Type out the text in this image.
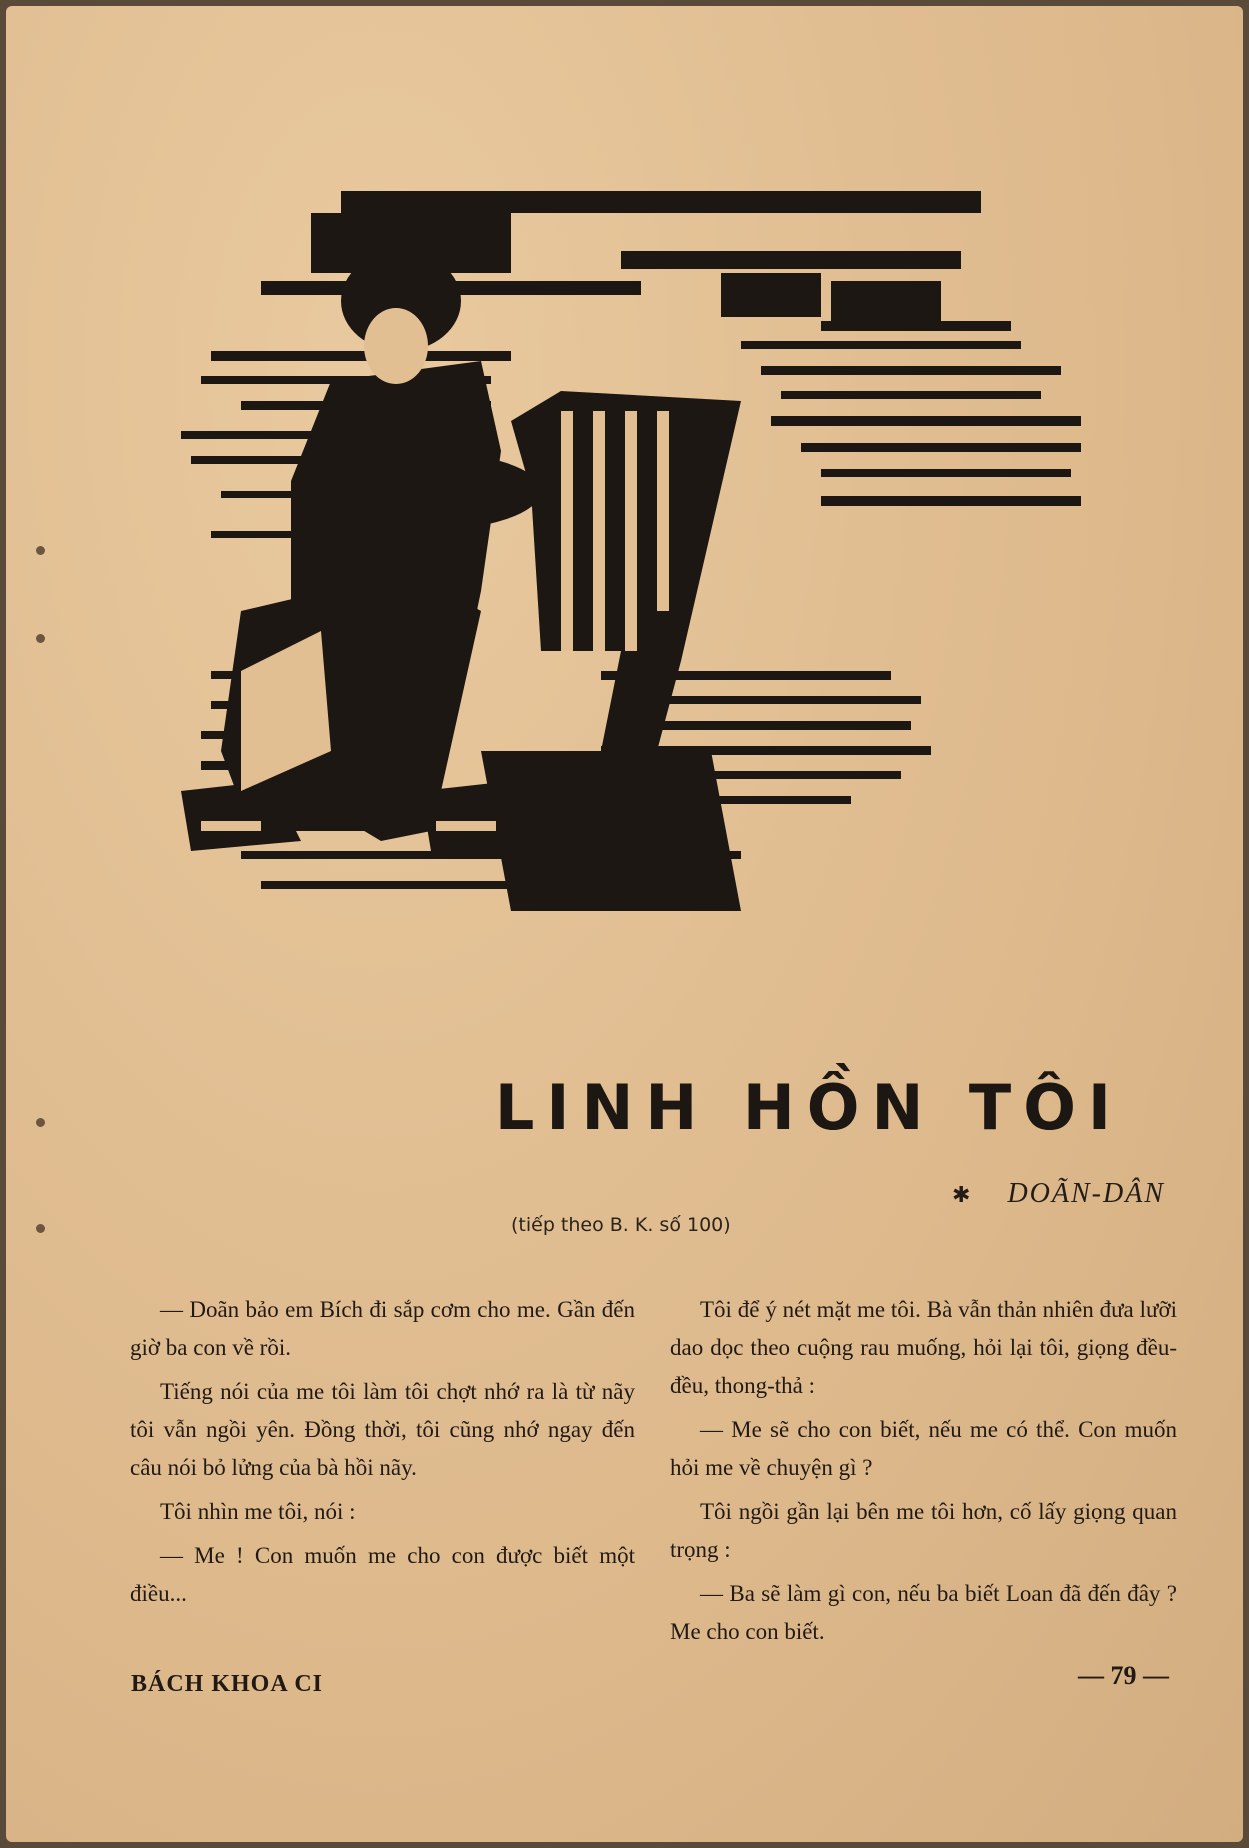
LINH HỒN TÔI
✱ DOÃN-DÂN
(tiếp theo B. K. số 100)

— Doãn bảo em Bích đi sắp cơm cho me. Gần đến giờ ba con về rồi.

Tiếng nói của me tôi làm tôi chợt nhớ ra là từ nãy tôi vẫn ngồi yên. Đồng thời, tôi cũng nhớ ngay đến câu nói bỏ lửng của bà hồi nãy.

Tôi nhìn me tôi, nói :

— Me ! Con muốn me cho con được biết một điều...

Tôi để ý nét mặt me tôi. Bà vẫn thản nhiên đưa lưỡi dao dọc theo cuộng rau muống, hỏi lại tôi, giọng đều-đều, thong-thả :

— Me sẽ cho con biết, nếu me có thể. Con muốn hỏi me về chuyện gì ?

Tôi ngồi gần lại bên me tôi hơn, cố lấy giọng quan trọng :

— Ba sẽ làm gì con, nếu ba biết Loan đã đến đây ? Me cho con biết.

BÁCH KHOA CI	— 79 —
